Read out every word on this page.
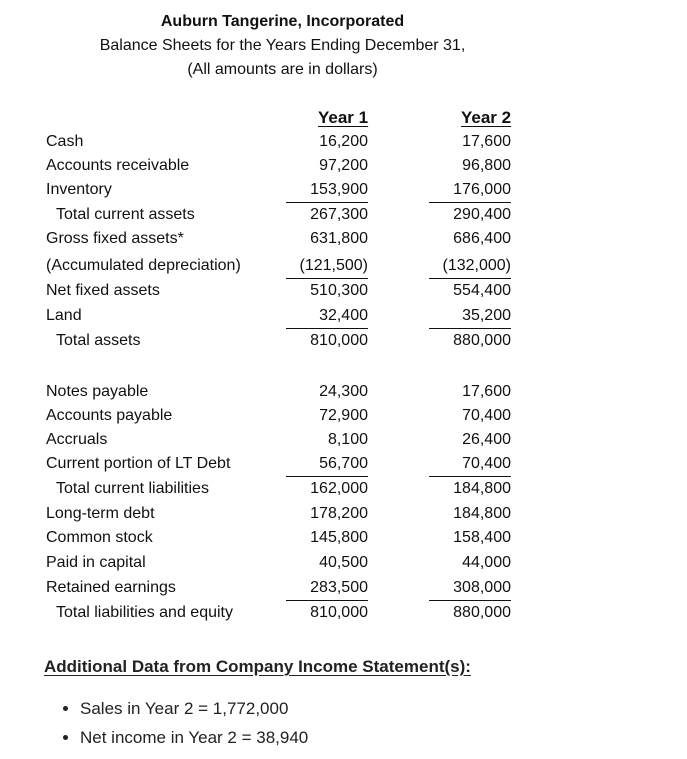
Auburn Tangerine, Incorporated
Balance Sheets for the Years Ending December 31,
(All amounts are in dollars)
Year 1	Year 2
Cash	16,200	17,600
Accounts receivable	97,200	96,800
Inventory	153,900	176,000
Total current assets	267,300	290,400
Gross fixed assets*	631,800	686,400
(Accumulated depreciation)	(121,500)	(132,000)
Net fixed assets	510,300	554,400
Land	32,400	35,200
Total assets	810,000	880,000
Notes payable	24,300	17,600
Accounts payable	72,900	70,400
Accruals	8,100	26,400
Current portion of LT Debt	56,700	70,400
Total current liabilities	162,000	184,800
Long-term debt	178,200	184,800
Common stock	145,800	158,400
Paid in capital	40,500	44,000
Retained earnings	283,500	308,000
Total liabilities and equity	810,000	880,000
Additional Data from Company Income Statement(s):
• Sales in Year 2 = 1,772,000
• Net income in Year 2 = 38,940
